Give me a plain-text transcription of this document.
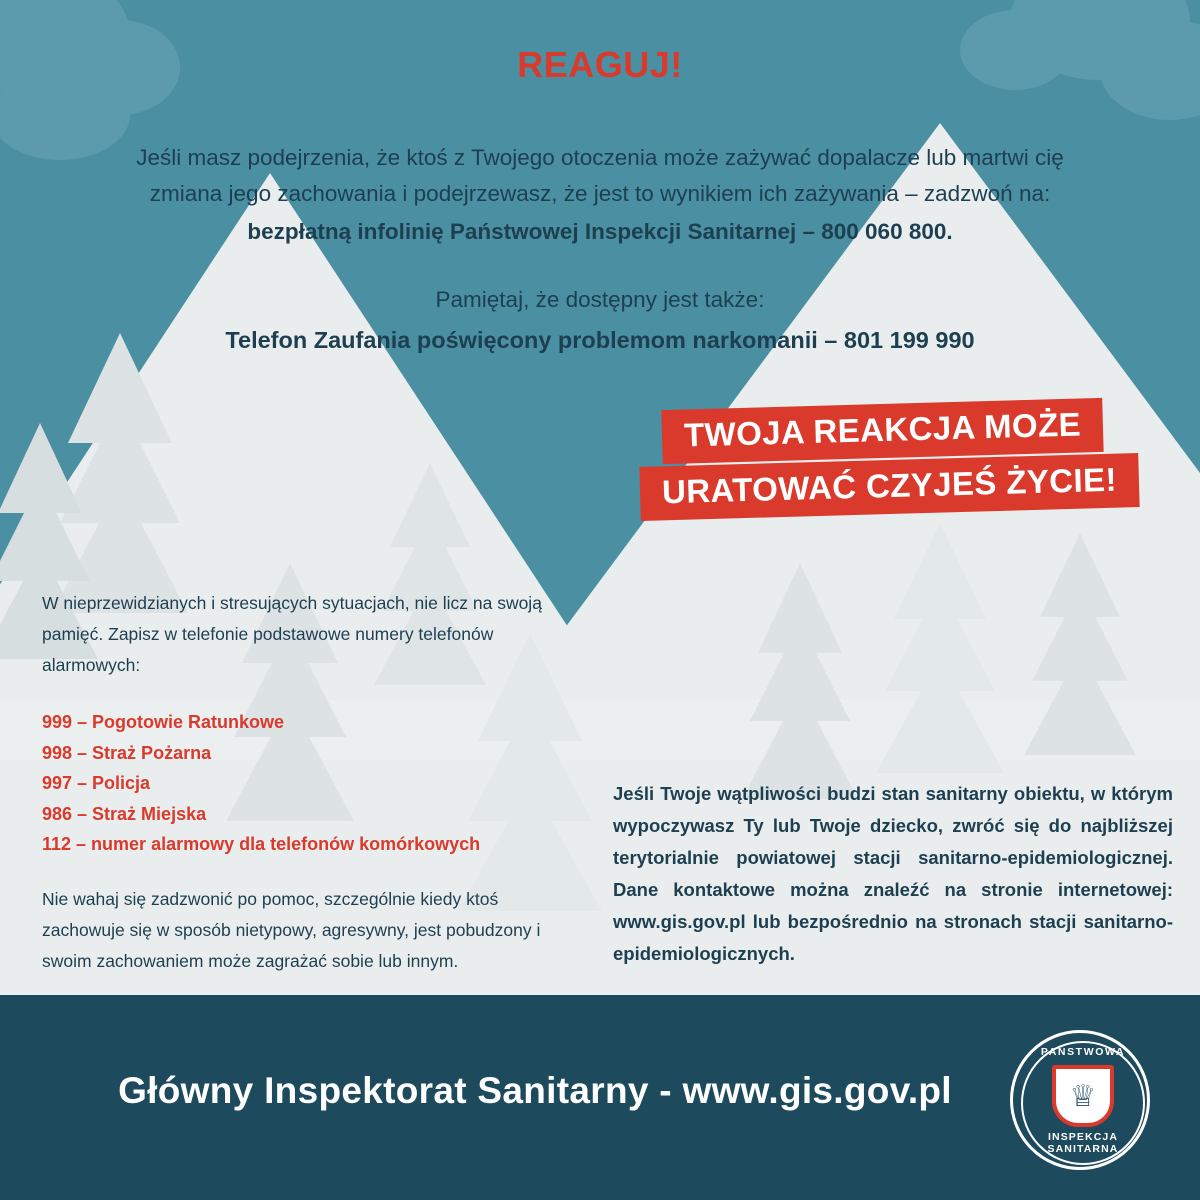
REAGUJ!
Jeśli masz podejrzenia, że ktoś z Twojego otoczenia może zażywać dopalacze lub martwi cię
zmiana jego zachowania i podejrzewasz, że jest to wynikiem ich zażywania – zadzwoń na:
bezpłatną infolinię Państwowej Inspekcji Sanitarnej – 800 060 800.
Pamiętaj, że dostępny jest także:
Telefon Zaufania poświęcony problemom narkomanii – 801 199 990
TWOJA REAKCJA MOŻE
URATOWAĆ CZYJEŚ ŻYCIE!
W nieprzewidzianych i stresujących sytuacjach, nie licz na swoją pamięć. Zapisz w telefonie podstawowe numery telefonów alarmowych:
999 – Pogotowie Ratunkowe
998 – Straż Pożarna
997 – Policja
986 – Straż Miejska
112 – numer alarmowy dla telefonów komórkowych
Nie wahaj się zadzwonić po pomoc, szczególnie kiedy ktoś zachowuje się w sposób nietypowy, agresywny, jest pobudzony i swoim zachowaniem może zagrażać sobie lub innym.
Jeśli Twoje wątpliwości budzi stan sanitarny obiektu, w którym wypoczywasz Ty lub Twoje dziecko, zwróć się do najbliższej terytorialnie powiatowej stacji sanitarno-epidemiologicznej. Dane kontaktowe można znaleźć na stronie internetowej: www.gis.gov.pl lub bezpośrednio na stronach stacji sanitarno-epidemiologicznych.
Główny Inspektorat Sanitarny - www.gis.gov.pl
PAŃSTWOWA
♕
INSPEKCJA SANITARNA
